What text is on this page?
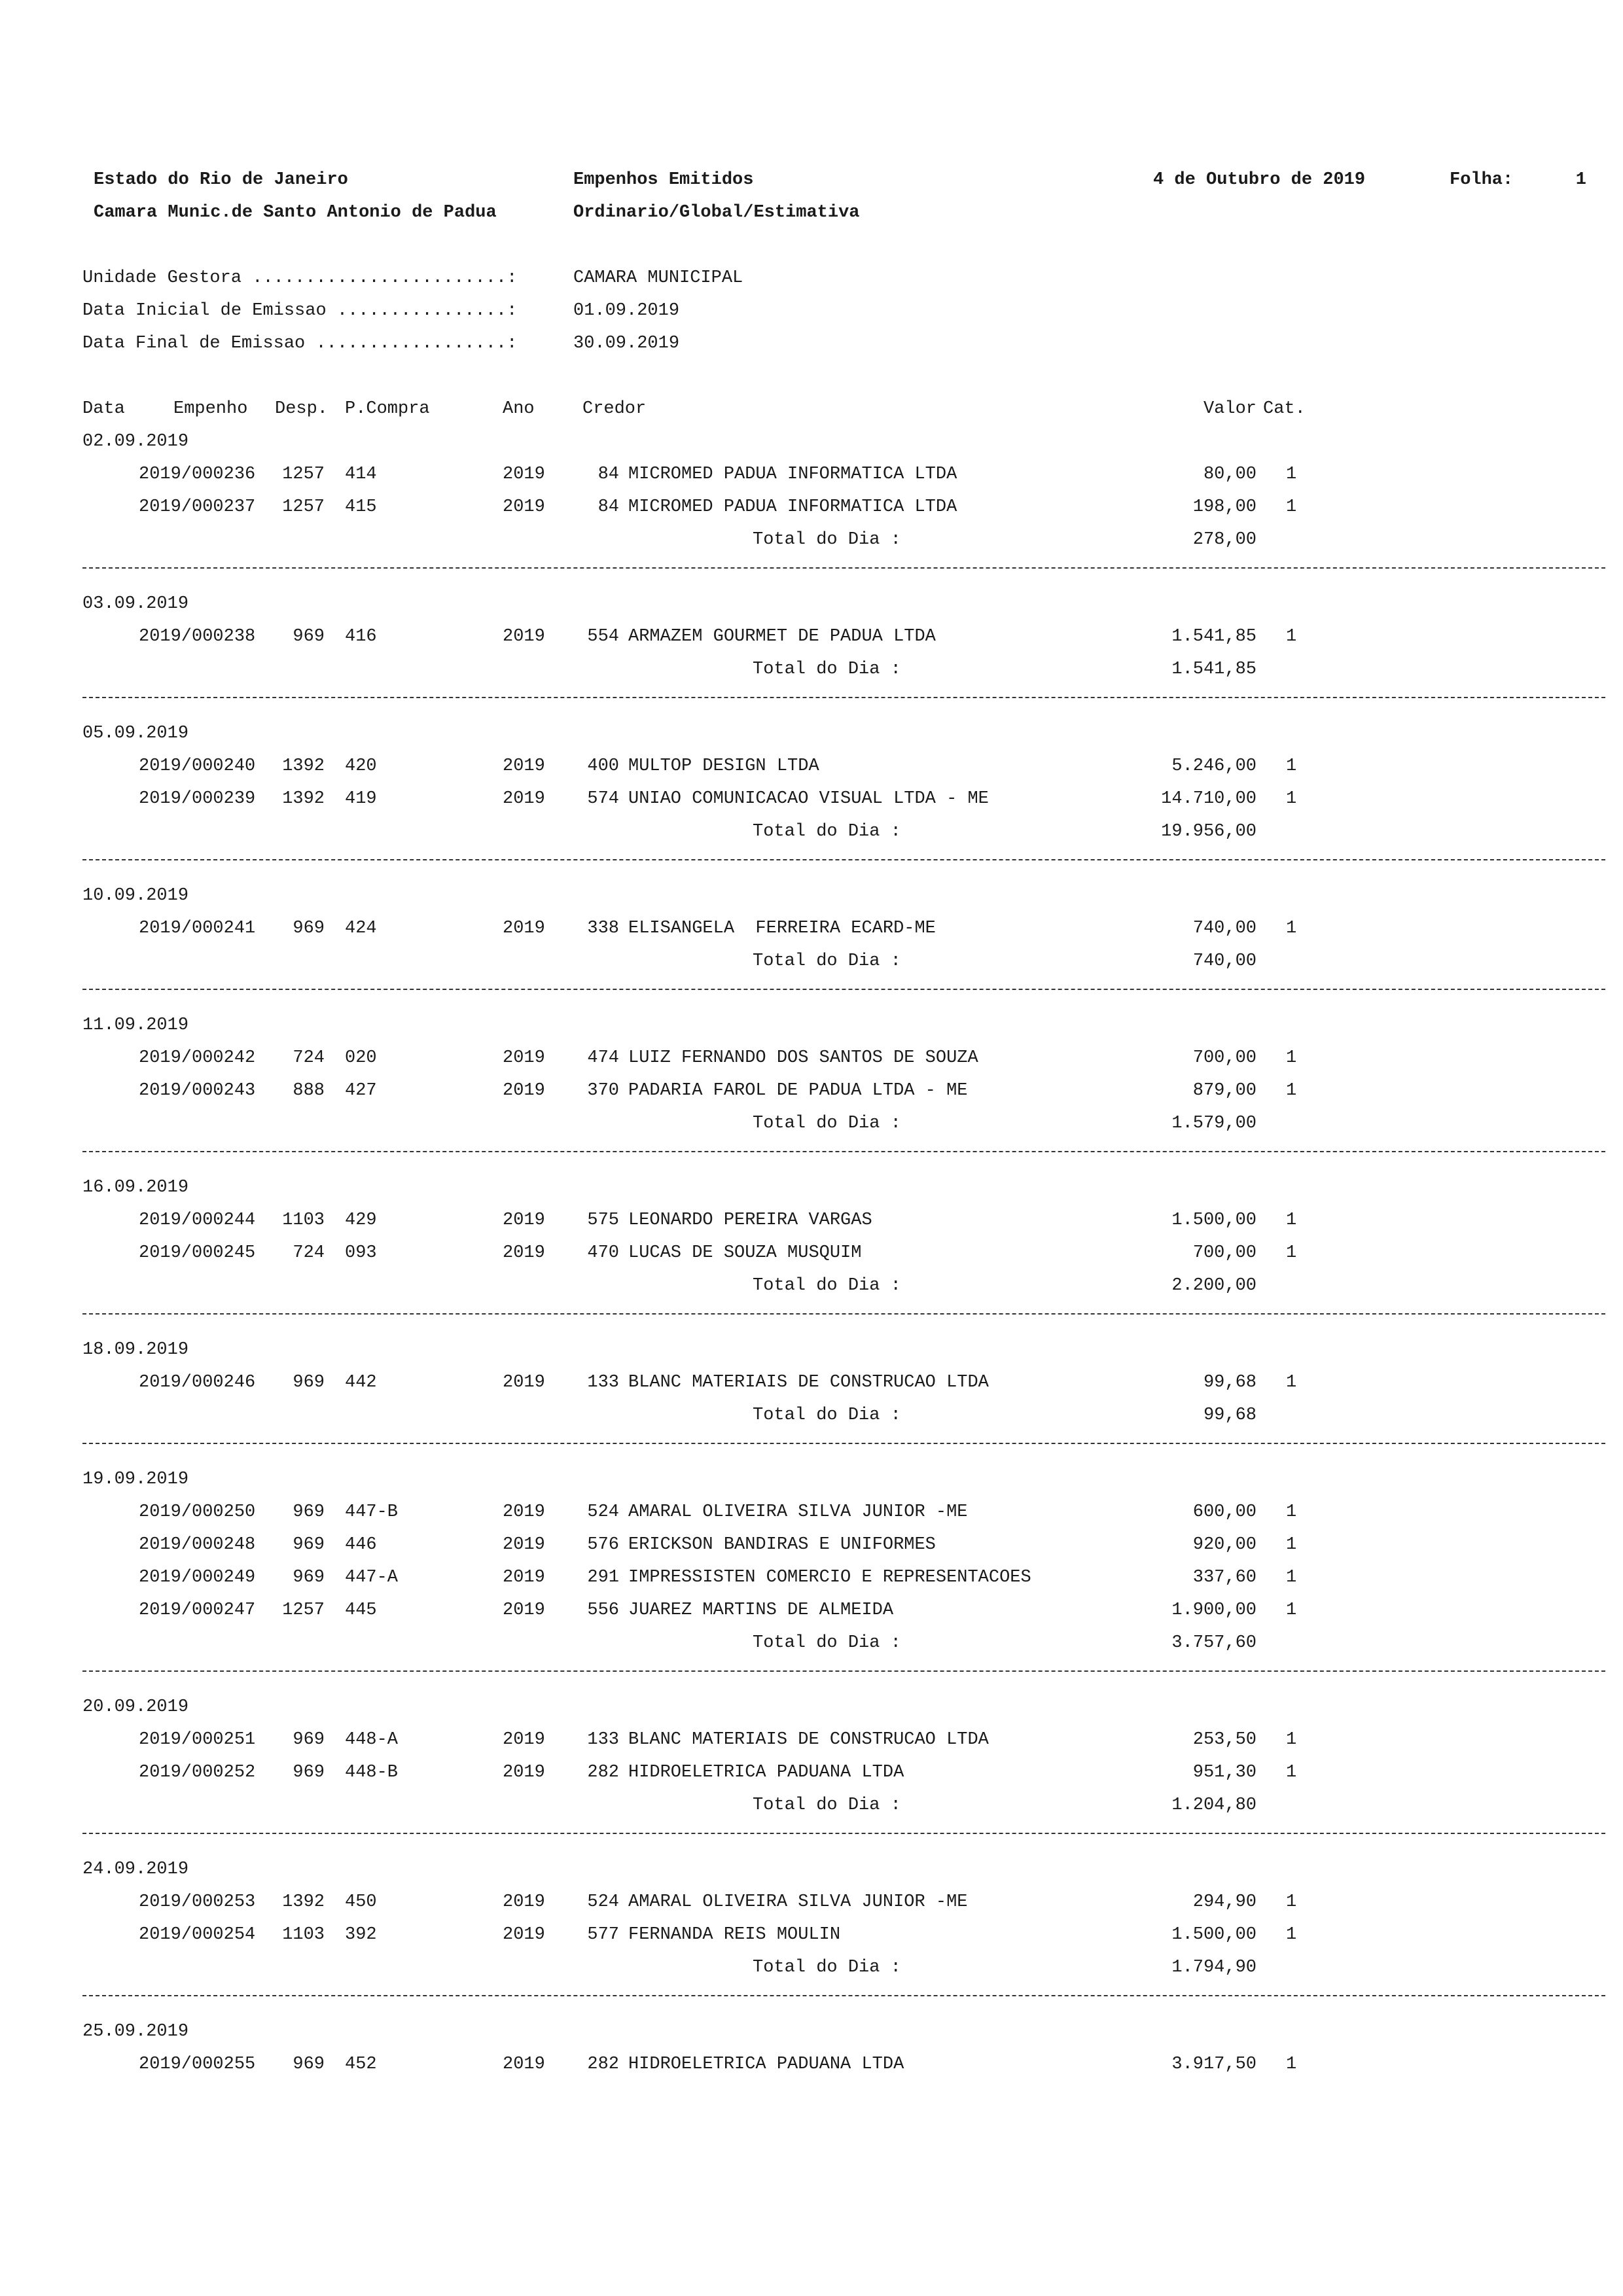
Estado do Rio de Janeiro	Empenhos Emitidos	4 de Outubro de 2019	Folha:	1
Camara Munic.de Santo Antonio de Padua	Ordinario/Global/Estimativa
Unidade Gestora ........................:	CAMARA MUNICIPAL
Data Inicial de Emissao ................:	01.09.2019
Data Final de Emissao ..................:	30.09.2019
Data	Empenho Desp. P.Compra	Ano	Credor	Valor Cat.
02.09.2019
2019/000236	1257 414	2019	84 MICROMED PADUA INFORMATICA LTDA	80,00 1
2019/000237	1257 415	2019	84 MICROMED PADUA INFORMATICA LTDA	198,00 1
Total do Dia :	278,00
03.09.2019
2019/000238	969 416	2019	554 ARMAZEM GOURMET DE PADUA LTDA	1.541,85 1
Total do Dia :	1.541,85
05.09.2019
2019/000240	1392 420	2019	400 MULTOP DESIGN LTDA	5.246,00 1
2019/000239	1392 419	2019	574 UNIAO COMUNICACAO VISUAL LTDA - ME	14.710,00 1
Total do Dia :	19.956,00
10.09.2019
2019/000241	969 424	2019	338 ELISANGELA  FERREIRA ECARD-ME	740,00 1
Total do Dia :	740,00
11.09.2019
2019/000242	724 020	2019	474 LUIZ FERNANDO DOS SANTOS DE SOUZA	700,00 1
2019/000243	888 427	2019	370 PADARIA FAROL DE PADUA LTDA - ME	879,00 1
Total do Dia :	1.579,00
16.09.2019
2019/000244	1103 429	2019	575 LEONARDO PEREIRA VARGAS	1.500,00 1
2019/000245	724 093	2019	470 LUCAS DE SOUZA MUSQUIM	700,00 1
Total do Dia :	2.200,00
18.09.2019
2019/000246	969 442	2019	133 BLANC MATERIAIS DE CONSTRUCAO LTDA	99,68 1
Total do Dia :	99,68
19.09.2019
2019/000250	969 447-B	2019	524 AMARAL OLIVEIRA SILVA JUNIOR -ME	600,00 1
2019/000248	969 446	2019	576 ERICKSON BANDIRAS E UNIFORMES	920,00 1
2019/000249	969 447-A	2019	291 IMPRESSISTEN COMERCIO E REPRESENTACOES	337,60 1
2019/000247	1257 445	2019	556 JUAREZ MARTINS DE ALMEIDA	1.900,00 1
Total do Dia :	3.757,60
20.09.2019
2019/000251	969 448-A	2019	133 BLANC MATERIAIS DE CONSTRUCAO LTDA	253,50 1
2019/000252	969 448-B	2019	282 HIDROELETRICA PADUANA LTDA	951,30 1
Total do Dia :	1.204,80
24.09.2019
2019/000253	1392 450	2019	524 AMARAL OLIVEIRA SILVA JUNIOR -ME	294,90 1
2019/000254	1103 392	2019	577 FERNANDA REIS MOULIN	1.500,00 1
Total do Dia :	1.794,90
25.09.2019
2019/000255	969 452	2019	282 HIDROELETRICA PADUANA LTDA	3.917,50 1
